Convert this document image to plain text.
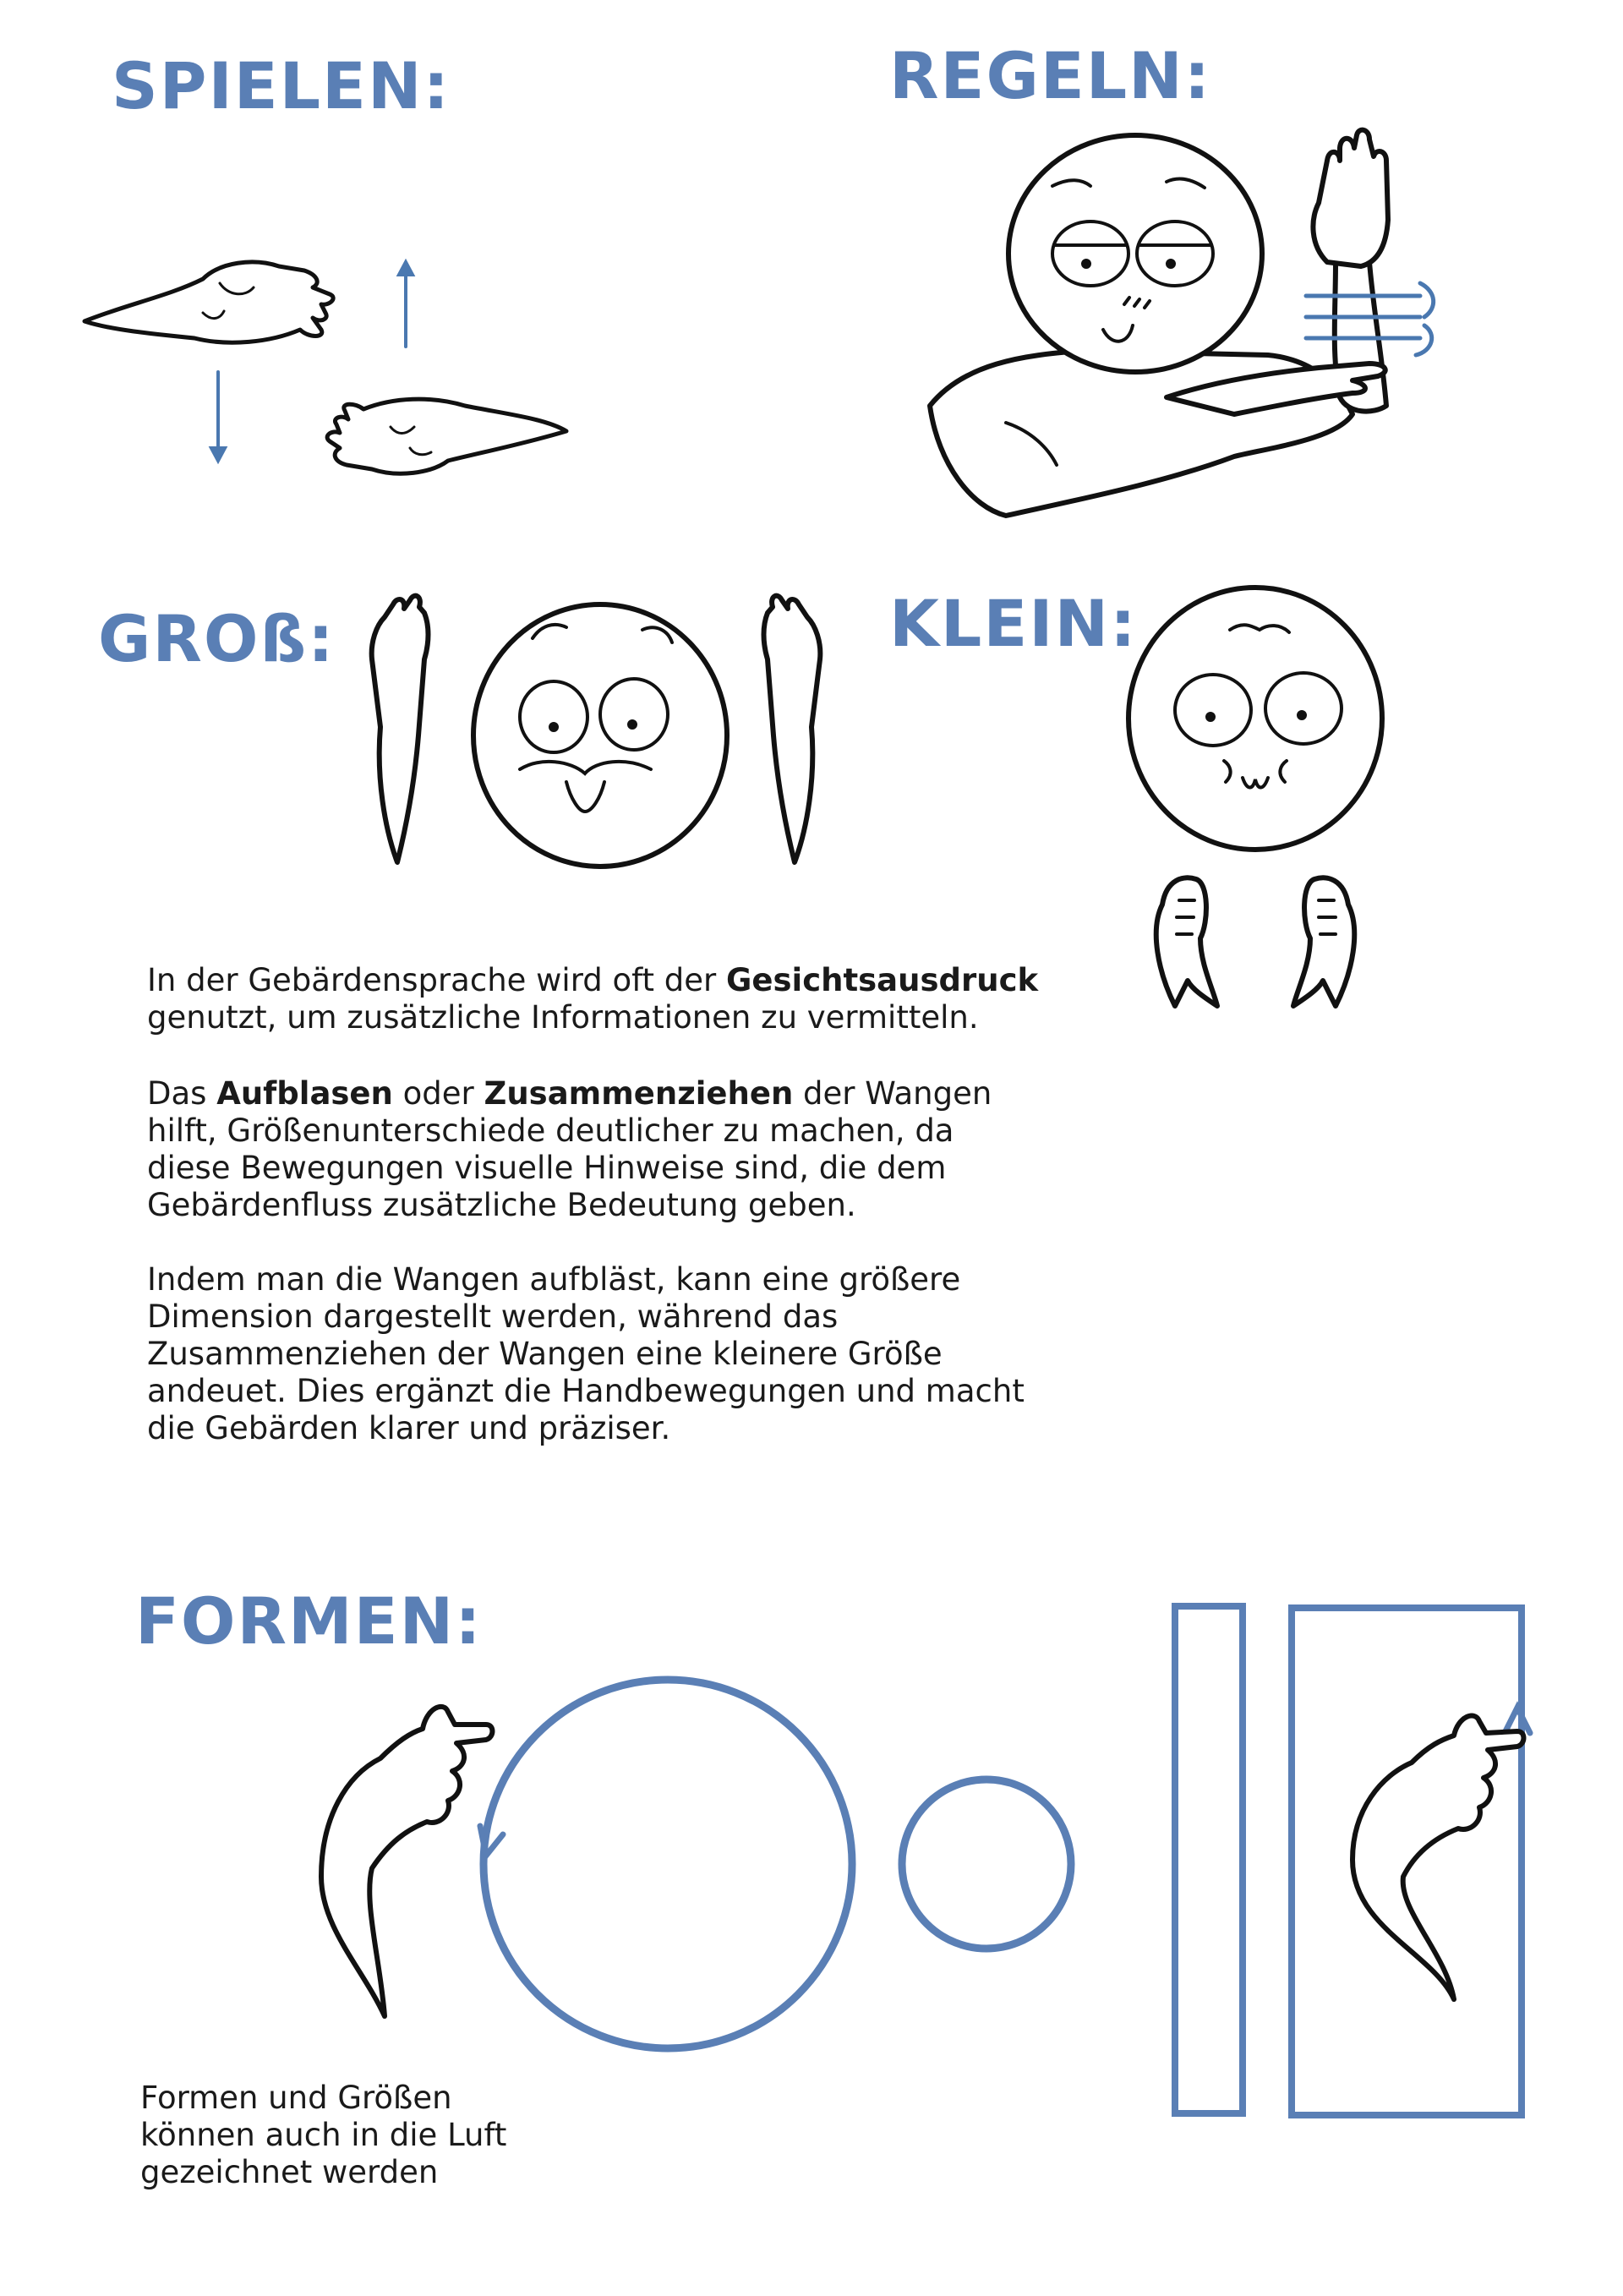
SPIELEN:	REGELN:
GROß:	KLEIN:
FORMEN:

In der Gebärdensprache wird oft der Gesichtsausdruck genutzt, um zusätzliche Informationen zu vermitteln.

Das Aufblasen oder Zusammenziehen der Wangen hilft, Größenunterschiede deutlicher zu machen, da diese Bewegungen visuelle Hinweise sind, die dem Gebärdenfluss zusätzliche Bedeutung geben.

Indem man die Wangen aufbläst, kann eine größere Dimension dargestellt werden, während das Zusammenziehen der Wangen eine kleinere Größe andeuet. Dies ergänzt die Handbewegungen und macht die Gebärden klarer und präziser.

Formen und Größen können auch in die Luft gezeichnet werden
